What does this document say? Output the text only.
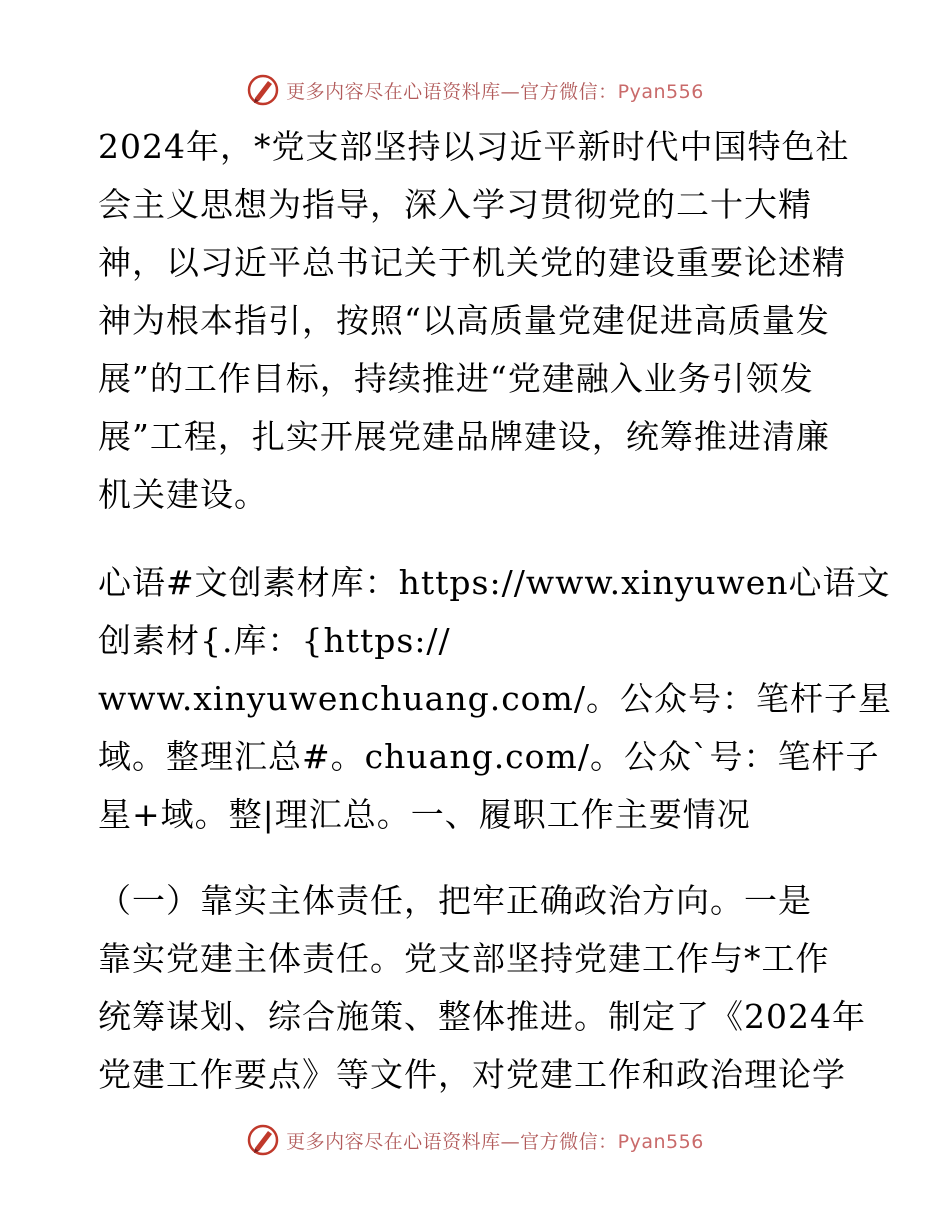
更多内容尽在心语资料库—官方微信：Pyan556
2024年，*党支部坚持以习近平新时代中国特色社
会主义思想为指导，深入学习贯彻党的二十大精
神，以习近平总书记关于机关党的建设重要论述精
神为根本指引，按照“以高质量党建促进高质量发
展”的工作目标，持续推进“党建融入业务引领发
展”工程，扎实开展党建品牌建设，统筹推进清廉
机关建设。
心语#文创素材库：https://www.xinyuwen心语文
创素材{.库：{https://
www.xinyuwenchuang.com/。公众号：笔杆子星
域。整理汇总#。chuang.com/。公众`号：笔杆子
星+域。整|理汇总。一、履职工作主要情况
（一）靠实主体责任，把牢正确政治方向。一是
靠实党建主体责任。党支部坚持党建工作与*工作
统筹谋划、综合施策、整体推进。制定了《2024年
党建工作要点》等文件，对党建工作和政治理论学
更多内容尽在心语资料库—官方微信：Pyan556
